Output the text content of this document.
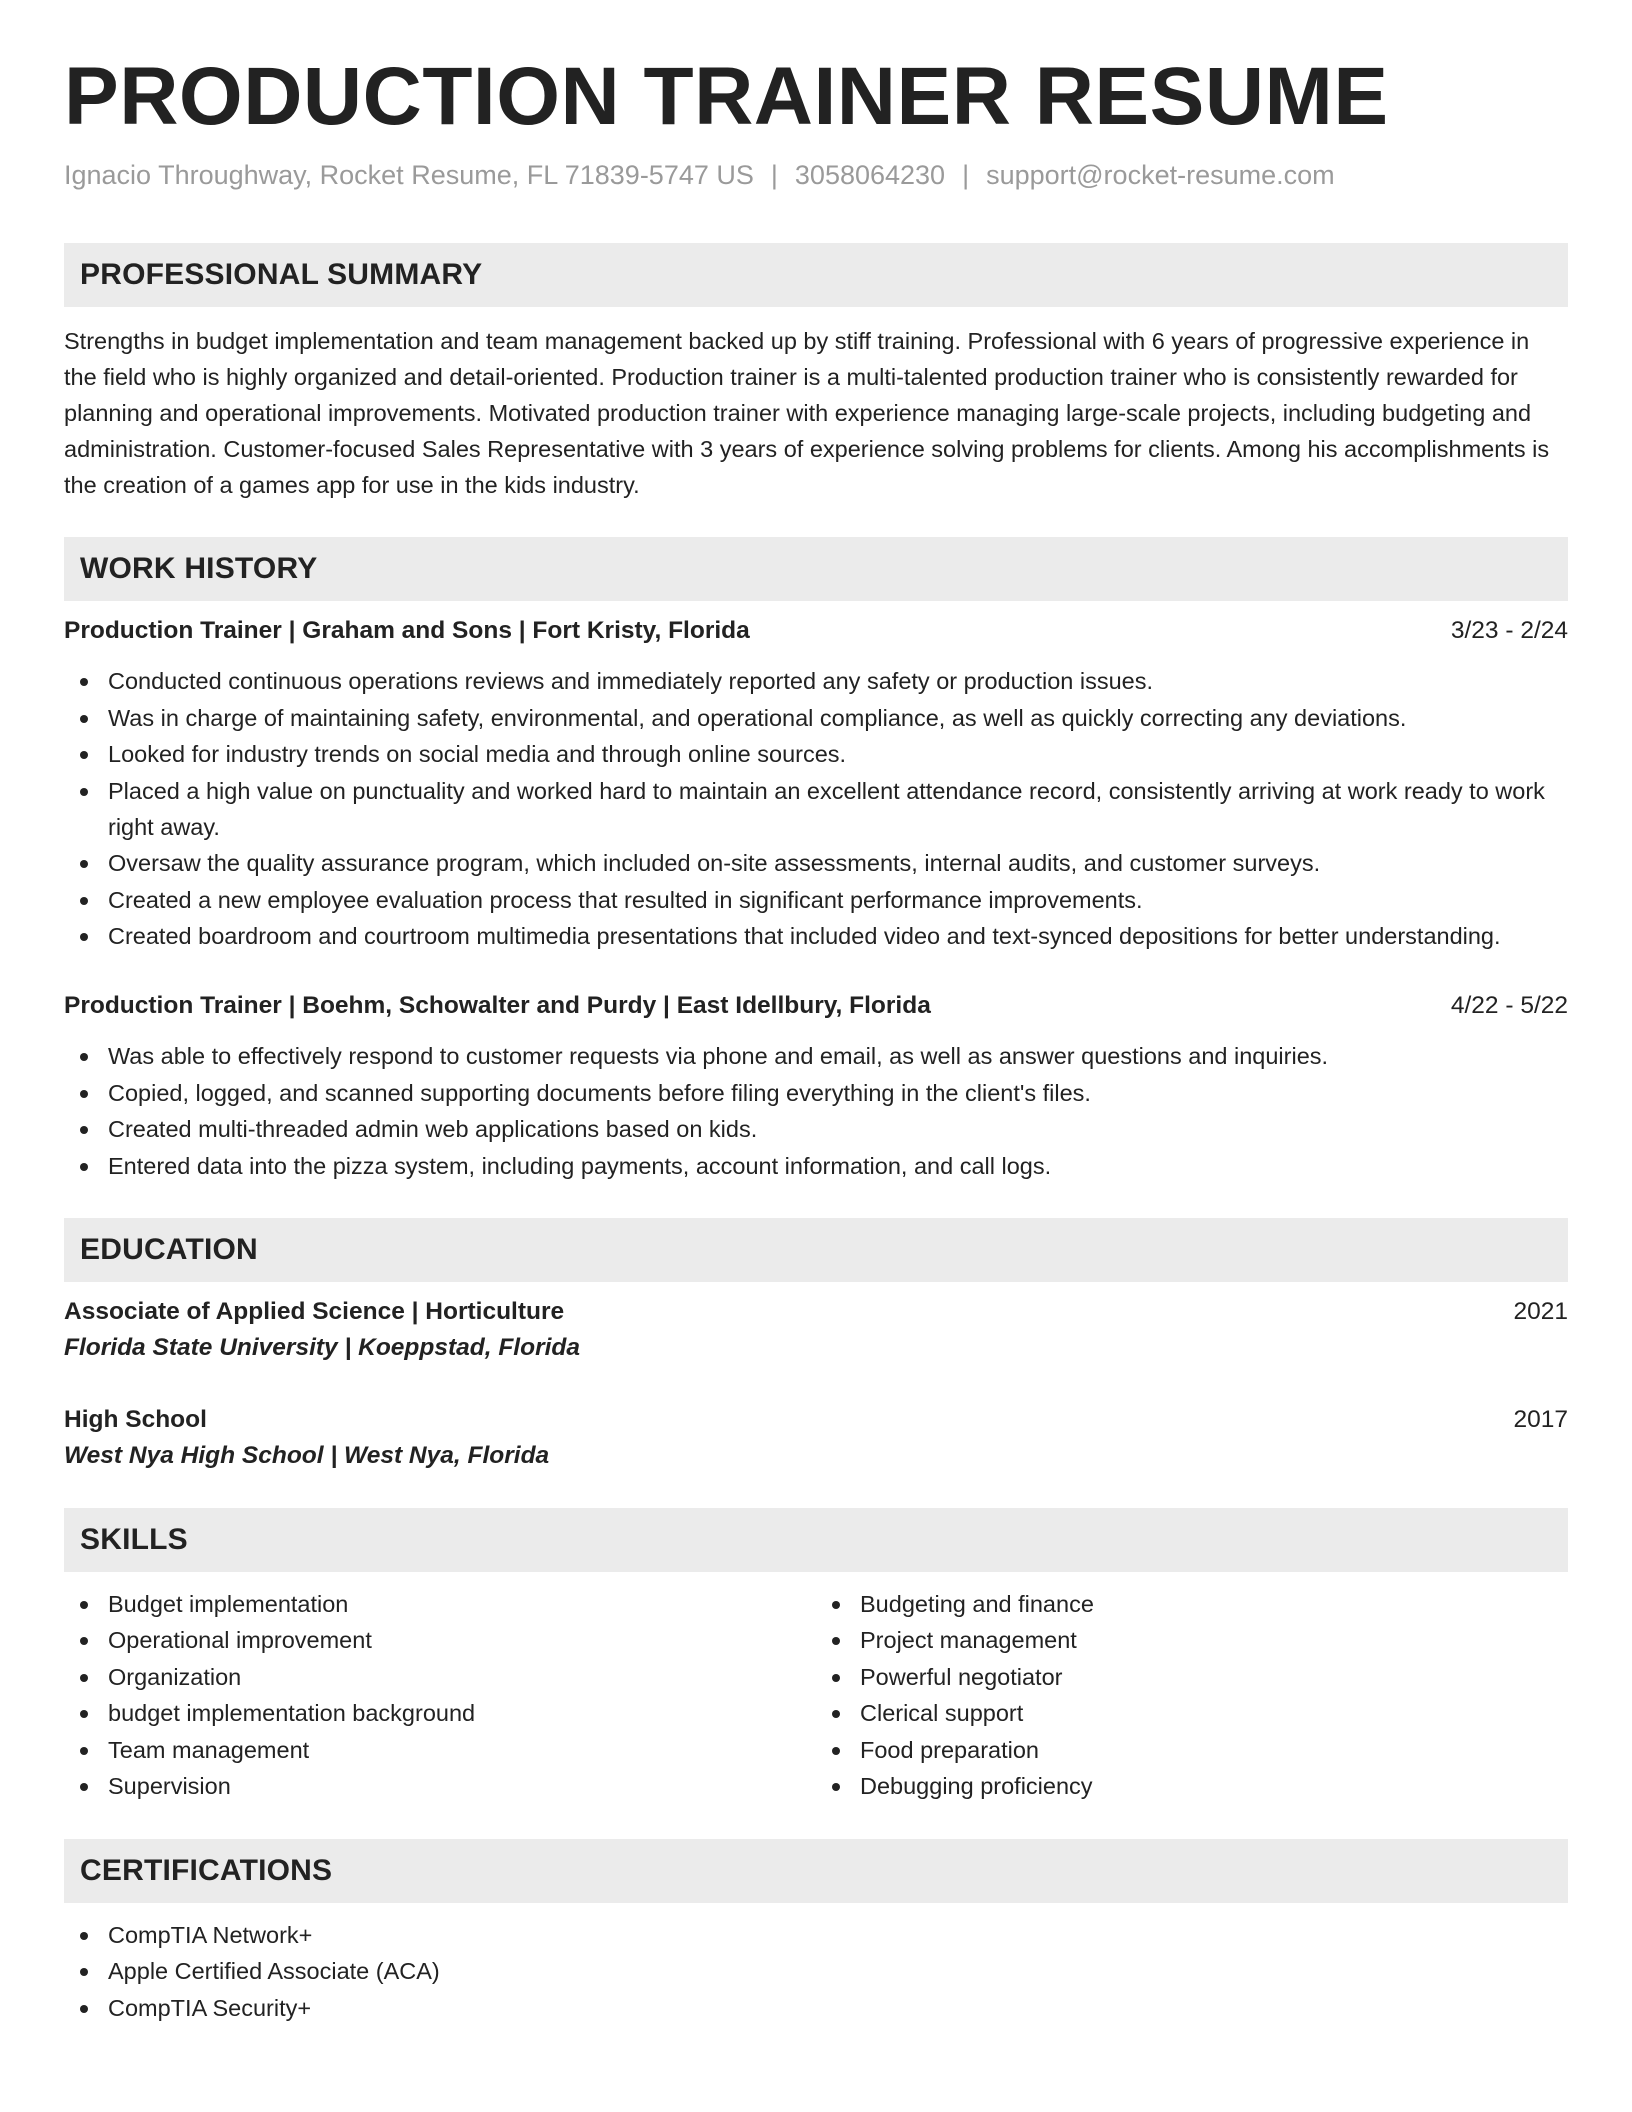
PRODUCTION TRAINER RESUME
Ignacio Throughway, Rocket Resume, FL 71839-5747 US | 3058064230 | support@rocket-resume.com
PROFESSIONAL SUMMARY
Strengths in budget implementation and team management backed up by stiff training. Professional with 6 years of progressive experience in the field who is highly organized and detail-oriented. Production trainer is a multi-talented production trainer who is consistently rewarded for planning and operational improvements. Motivated production trainer with experience managing large-scale projects, including budgeting and administration. Customer-focused Sales Representative with 3 years of experience solving problems for clients. Among his accomplishments is the creation of a games app for use in the kids industry.
WORK HISTORY
Production Trainer | Graham and Sons | Fort Kristy, Florida	3/23 - 2/24
Conducted continuous operations reviews and immediately reported any safety or production issues.
Was in charge of maintaining safety, environmental, and operational compliance, as well as quickly correcting any deviations.
Looked for industry trends on social media and through online sources.
Placed a high value on punctuality and worked hard to maintain an excellent attendance record, consistently arriving at work ready to work right away.
Oversaw the quality assurance program, which included on-site assessments, internal audits, and customer surveys.
Created a new employee evaluation process that resulted in significant performance improvements.
Created boardroom and courtroom multimedia presentations that included video and text-synced depositions for better understanding.
Production Trainer | Boehm, Schowalter and Purdy | East Idellbury, Florida	4/22 - 5/22
Was able to effectively respond to customer requests via phone and email, as well as answer questions and inquiries.
Copied, logged, and scanned supporting documents before filing everything in the client's files.
Created multi-threaded admin web applications based on kids.
Entered data into the pizza system, including payments, account information, and call logs.
EDUCATION
Associate of Applied Science | Horticulture	2021
Florida State University | Koeppstad, Florida
High School	2017
West Nya High School | West Nya, Florida
SKILLS
Budget implementation
Operational improvement
Organization
budget implementation background
Team management
Supervision
Budgeting and finance
Project management
Powerful negotiator
Clerical support
Food preparation
Debugging proficiency
CERTIFICATIONS
CompTIA Network+
Apple Certified Associate (ACA)
CompTIA Security+
